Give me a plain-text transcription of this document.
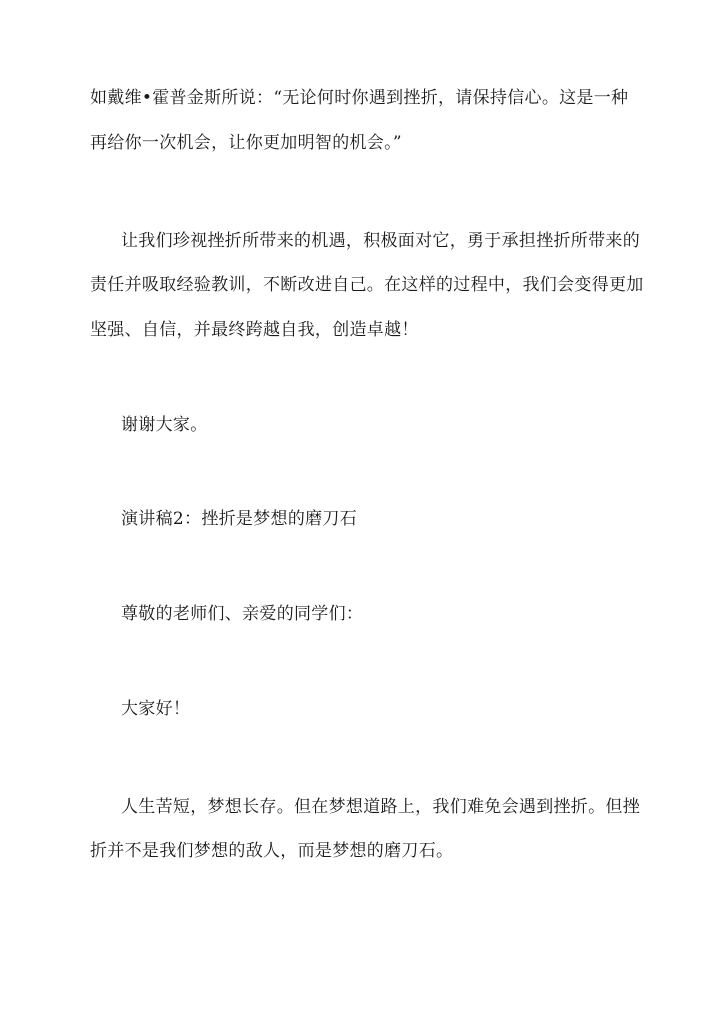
如戴维•霍普金斯所说：“无论何时你遇到挫折，请保持信心。这是一种
再给你一次机会，让你更加明智的机会。”
让我们珍视挫折所带来的机遇，积极面对它，勇于承担挫折所带来的
责任并吸取经验教训，不断改进自己。在这样的过程中，我们会变得更加
坚强、自信，并最终跨越自我，创造卓越！
谢谢大家。
演讲稿2：挫折是梦想的磨刀石
尊敬的老师们、亲爱的同学们：
大家好！
人生苦短，梦想长存。但在梦想道路上，我们难免会遇到挫折。但挫
折并不是我们梦想的敌人，而是梦想的磨刀石。
